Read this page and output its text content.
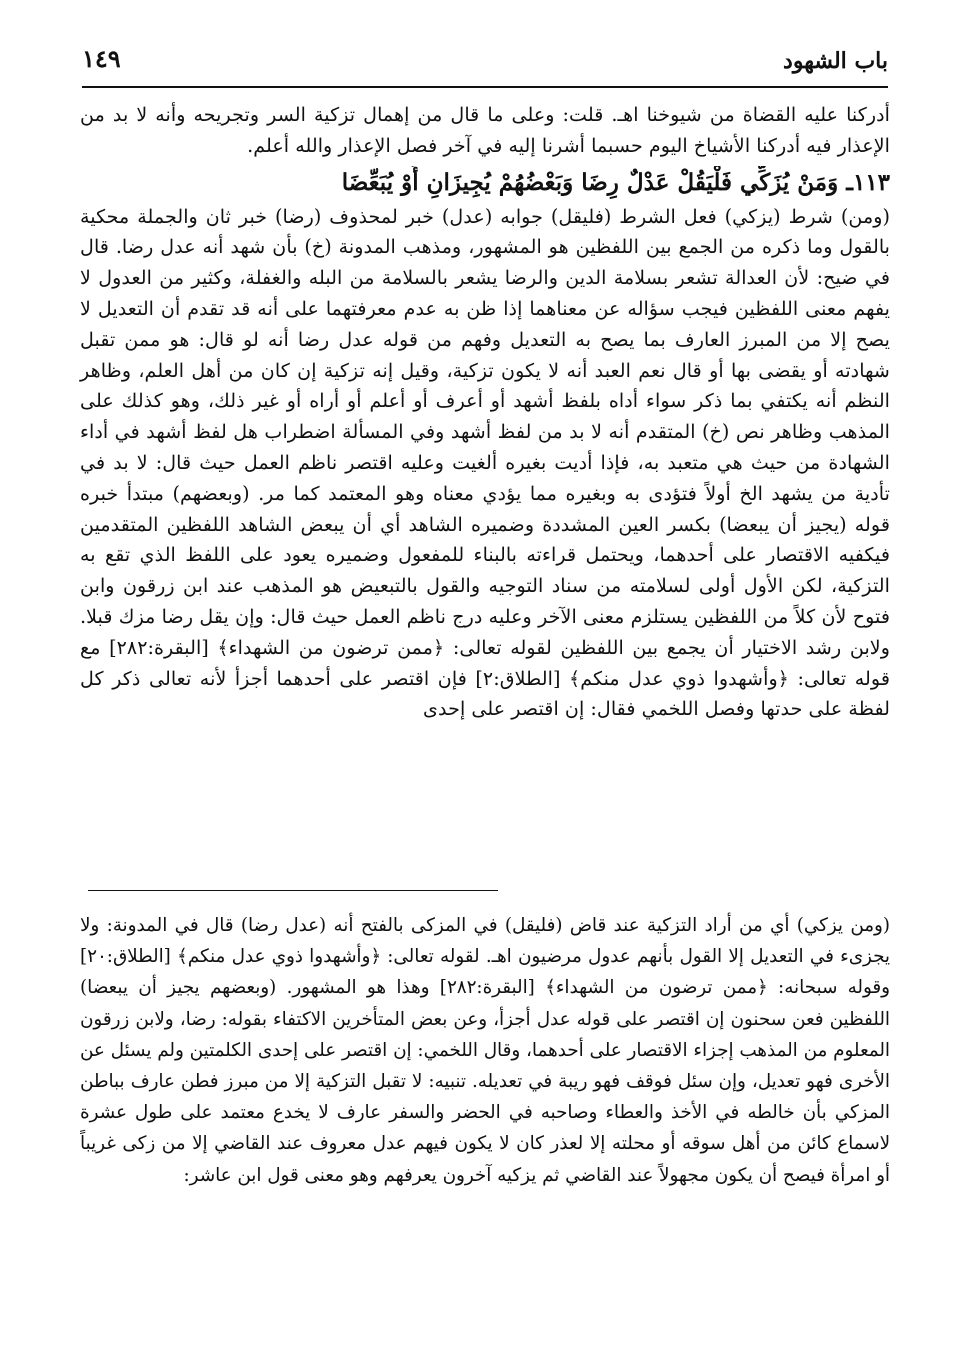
باب الشهود
١٤٩

أدركنا عليه القضاة من شيوخنا اهـ. قلت: وعلى ما قال من إهمال تزكية السر وتجريحه وأنه لا بد من الإعذار فيه أدركنا الأشياخ اليوم حسبما أشرنا إليه في آخر فصل الإعذار والله أعلم.

١١٣ـ وَمَنْ يُزَكِّي فَلْيَقُلْ عَدْلٌ رِضَا وَبَعْضُهُمْ يُجِيزَانِ أَوْ يُبَعِّضَا

(ومن) شرط (يزكي) فعل الشرط (فليقل) جوابه (عدل) خبر لمحذوف (رضا) خبر ثان والجملة محكية بالقول وما ذكره من الجمع بين اللفظين هو المشهور، ومذهب المدونة (خ) بأن شهد أنه عدل رضا. قال في ضيح: لأن العدالة تشعر بسلامة الدين والرضا يشعر بالسلامة من البله والغفلة، وكثير من العدول لا يفهم معنى اللفظين فيجب سؤاله عن معناهما إذا ظن به عدم معرفتهما على أنه قد تقدم أن التعديل لا يصح إلا من المبرز العارف بما يصح به التعديل وفهم من قوله عدل رضا أنه لو قال: هو ممن تقبل شهادته أو يقضى بها أو قال نعم العبد أنه لا يكون تزكية، وقيل إنه تزكية إن كان من أهل العلم، وظاهر النظم أنه يكتفي بما ذكر سواء أداه بلفظ أشهد أو أعرف أو أعلم أو أراه أو غير ذلك، وهو كذلك على المذهب وظاهر نص (خ) المتقدم أنه لا بد من لفظ أشهد وفي المسألة اضطراب هل لفظ أشهد في أداء الشهادة من حيث هي متعبد به، فإذا أديت بغيره ألغيت وعليه اقتصر ناظم العمل حيث قال: لا بد في تأدية من يشهد الخ أولاً فتؤدى به وبغيره مما يؤدي معناه وهو المعتمد كما مر. (وبعضهم) مبتدأ خبره قوله (يجيز أن يبعضا) بكسر العين المشددة وضميره الشاهد أي أن يبعض الشاهد اللفظين المتقدمين فيكفيه الاقتصار على أحدهما، ويحتمل قراءته بالبناء للمفعول وضميره يعود على اللفظ الذي تقع به التزكية، لكن الأول أولى لسلامته من سناد التوجيه والقول بالتبعيض هو المذهب عند ابن زرقون وابن فتوح لأن كلاً من اللفظين يستلزم معنى الآخر وعليه درج ناظم العمل حيث قال: وإن يقل رضا مزك قبلا. ولابن رشد الاختيار أن يجمع بين اللفظين لقوله تعالى: ﴿ممن ترضون من الشهداء﴾ [البقرة:٢٨٢] مع قوله تعالى: ﴿وأشهدوا ذوي عدل منكم﴾ [الطلاق:٢] فإن اقتصر على أحدهما أجزأ لأنه تعالى ذكر كل لفظة على حدتها وفصل اللخمي فقال: إن اقتصر على إحدى

(ومن يزكي) أي من أراد التزكية عند قاض (فليقل) في المزكى بالفتح أنه (عدل رضا) قال في المدونة: ولا يجزىء في التعديل إلا القول بأنهم عدول مرضيون اهـ. لقوله تعالى: ﴿وأشهدوا ذوي عدل منكم﴾ [الطلاق:٢٠] وقوله سبحانه: ﴿ممن ترضون من الشهداء﴾ [البقرة:٢٨٢] وهذا هو المشهور. (وبعضهم يجيز أن يبعضا) اللفظين فعن سحنون إن اقتصر على قوله عدل أجزأ، وعن بعض المتأخرين الاكتفاء بقوله: رضا، ولابن زرقون المعلوم من المذهب إجزاء الاقتصار على أحدهما، وقال اللخمي: إن اقتصر على إحدى الكلمتين ولم يسئل عن الأخرى فهو تعديل، وإن سئل فوقف فهو ريبة في تعديله. تنبيه: لا تقبل التزكية إلا من مبرز فطن عارف بباطن المزكي بأن خالطه في الأخذ والعطاء وصاحبه في الحضر والسفر عارف لا يخدع معتمد على طول عشرة لاسماع كائن من أهل سوقه أو محلته إلا لعذر كان لا يكون فيهم عدل معروف عند القاضي إلا من زكى غريباً أو امرأة فيصح أن يكون مجهولاً عند القاضي ثم يزكيه آخرون يعرفهم وهو معنى قول ابن عاشر:
